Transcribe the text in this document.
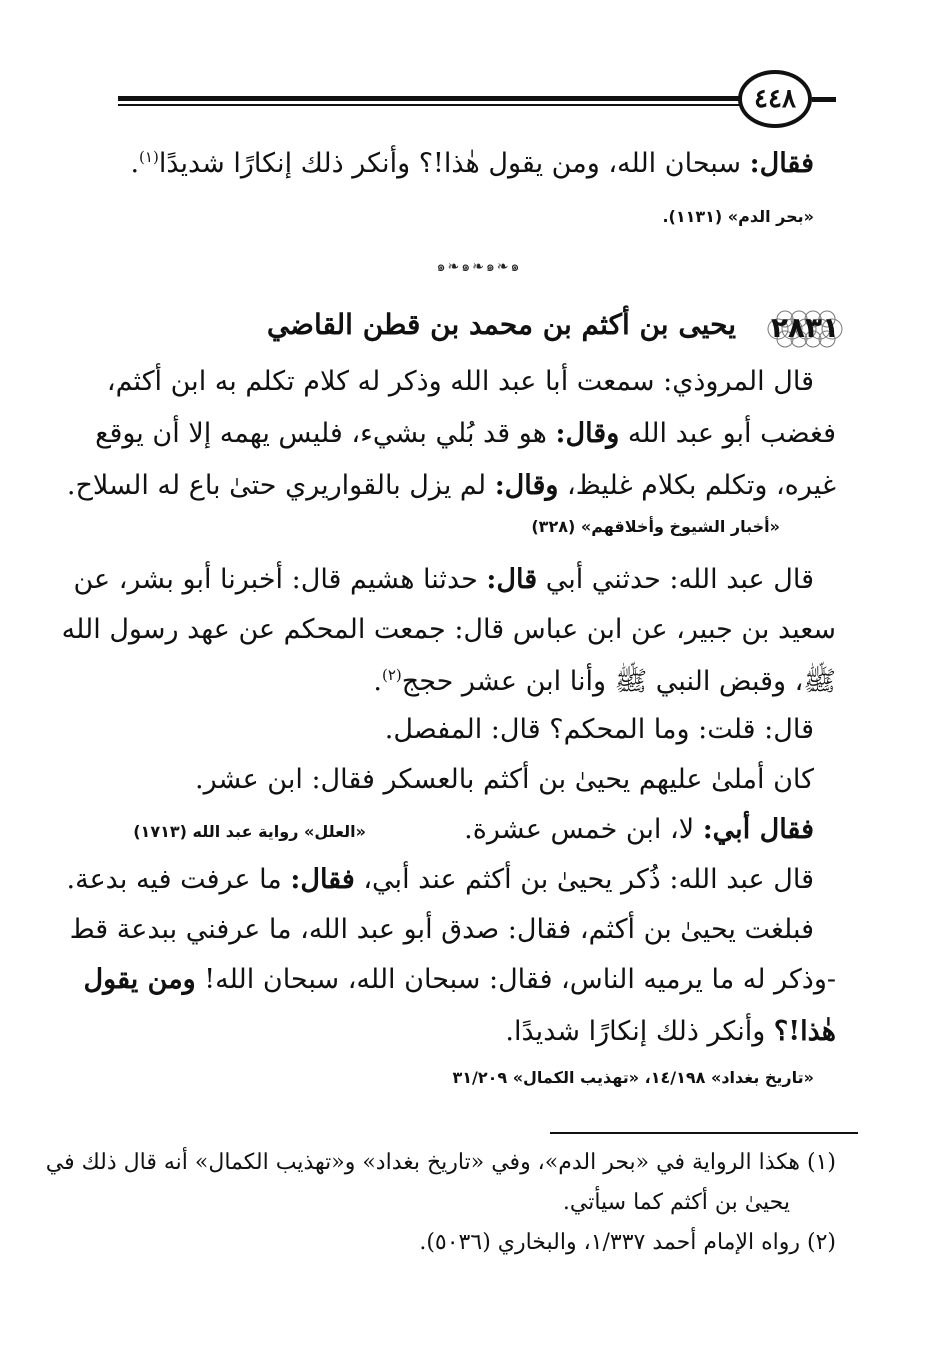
٤٤٨
فقال: سبحان الله، ومن يقول هٰذا!؟ وأنكر ذلك إنكارًا شديدًا$^{(١)}$.
«بحر الدم» (١١٣١).
๑❧๑❧๑❧๑
٢٨٣١
يحيى بن أكثم بن محمد بن قطن القاضي
قال المروذي: سمعت أبا عبد الله وذكر له كلام تكلم به ابن أكثم،
فغضب أبو عبد الله وقال: هو قد بُلي بشيء، فليس يهمه إلا أن يوقع
غيره، وتكلم بكلام غليظ، وقال: لم يزل بالقواريري حتىٰ باع له السلاح.
«أخبار الشيوخ وأخلاقهم» (٣٢٨)
قال عبد الله: حدثني أبي قال: حدثنا هشيم قال: أخبرنا أبو بشر، عن
سعيد بن جبير، عن ابن عباس قال: جمعت المحكم عن عهد رسول الله
ﷺ، وقبض النبي ﷺ وأنا ابن عشر حجج$^{(٢)}$.
قال: قلت: وما المحكم؟ قال: المفصل.
كان أملىٰ عليهم يحيىٰ بن أكثم بالعسكر فقال: ابن عشر.
فقال أبي: لا، ابن خمس عشرة.
«العلل» رواية عبد الله (١٧١٣)
قال عبد الله: ذُكر يحيىٰ بن أكثم عند أبي، فقال: ما عرفت فيه بدعة.
فبلغت يحيىٰ بن أكثم، فقال: صدق أبو عبد الله، ما عرفني ببدعة قط
-وذكر له ما يرميه الناس، فقال: سبحان الله، سبحان الله! ومن يقول
هٰذا!؟ وأنكر ذلك إنكارًا شديدًا.
«تاريخ بغداد» ١٤/١٩٨، «تهذيب الكمال» ٣١/٢٠٩
(١) هكذا الرواية في «بحر الدم»، وفي «تاريخ بغداد» و«تهذيب الكمال» أنه قال ذلك في
يحيىٰ بن أكثم كما سيأتي.
(٢) رواه الإمام أحمد ١/٣٣٧، والبخاري (٥٠٣٦).
